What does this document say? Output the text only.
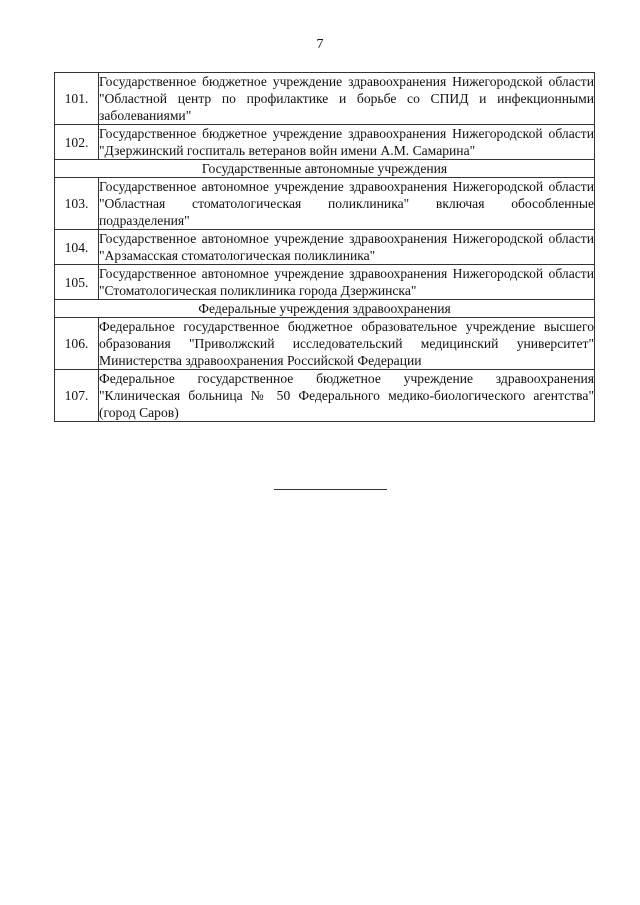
7
101.	Государственное бюджетное учреждение здравоохранения Нижегородской области "Областной центр по профилактике и борьбе со СПИД и инфекционными заболеваниями"
102.	Государственное бюджетное учреждение здравоохранения Нижегородской области "Дзержинский госпиталь ветеранов войн имени А.М. Самарина"
Государственные автономные учреждения	
103.	Государственное автономное учреждение здравоохранения Нижегородской области "Областная стоматологическая поликлиника" включая обособленные подразделения"
104.	Государственное автономное учреждение здравоохранения Нижегородской области "Арзамасская стоматологическая поликлиника"
105.	Государственное автономное учреждение здравоохранения Нижегородской области "Стоматологическая поликлиника города Дзержинска"
Федеральные учреждения здравоохранения	
106.	Федеральное государственное бюджетное образовательное учреждение высшего образования "Приволжский исследовательский медицинский университет" Министерства здравоохранения Российской Федерации
107.	Федеральное государственное бюджетное учреждение здравоохранения "Клиническая больница № 50 Федерального медико-биологического агентства" (город Саров)
